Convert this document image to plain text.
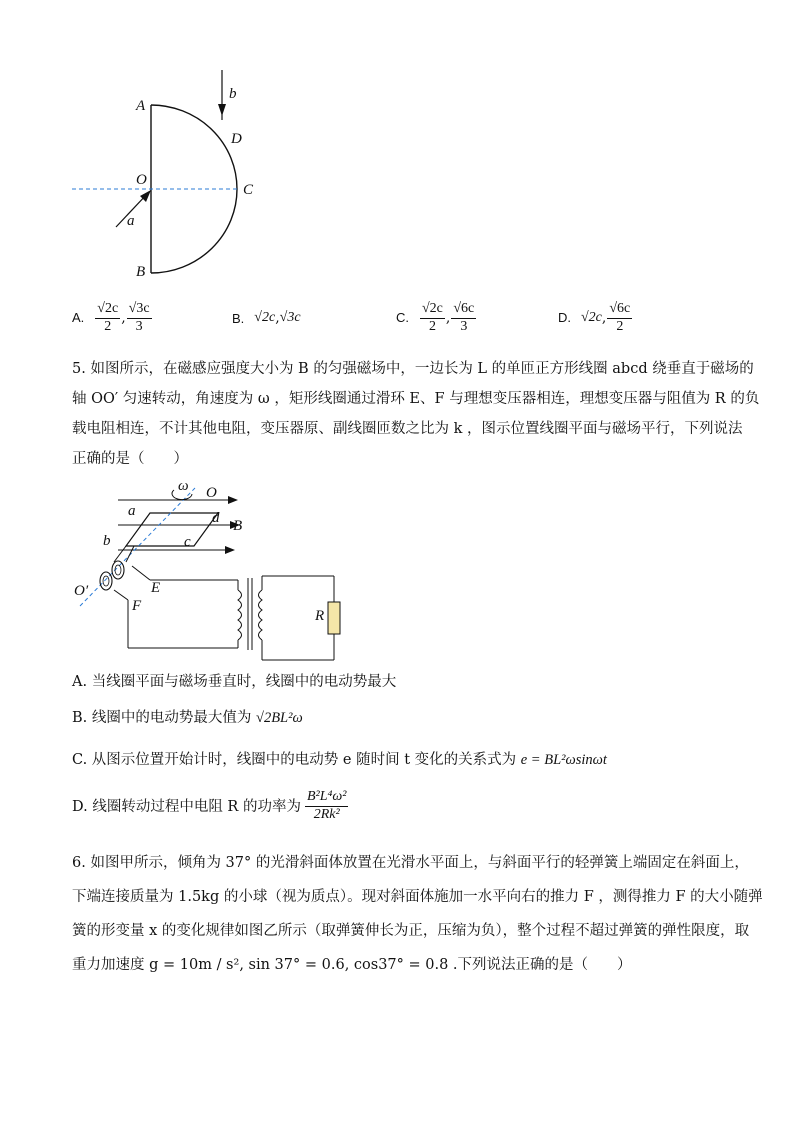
A
O
B
D
C
a
b
A. $\frac{√2c}{2}$ , $\frac{√3c}{3}$	B. √2c , √3c	C. $\frac{√2c}{2}$ , $\frac{√6c}{3}$	D. √2c , $\frac{√6c}{2}$
5. 如图所示，在磁感应强度大小为 B 的匀强磁场中，一边长为 L 的单匝正方形线圈 abcd 绕垂直于磁场的
轴 OO′ 匀速转动，角速度为 ω ，矩形线圈通过滑环 E、F 与理想变压器相连，理想变压器与阻值为 R 的负
载电阻相连，不计其他电阻，变压器原、副线圈匝数之比为 k ，图示位置线圈平面与磁场平行，下列说法
正确的是（　　）
ω O
a	d B
b	c
O′	E
F
R
A. 当线圈平面与磁场垂直时，线圈中的电动势最大
B. 线圈中的电动势最大值为 √2BL²ω
C. 从图示位置开始计时，线圈中的电动势 e 随时间 t 变化的关系式为 e = BL²ωsinωt
D. 线圈转动过程中电阻 R 的功率为 $\frac{\text{B²L⁴ω²}}{\text{2Rk²}}$
6. 如图甲所示，倾角为 37° 的光滑斜面体放置在光滑水平面上，与斜面平行的轻弹簧上端固定在斜面上，
下端连接质量为 1.5kg 的小球（视为质点）。现对斜面体施加一水平向右的推力 F ，测得推力 F 的大小随弹
簧的形变量 x 的变化规律如图乙所示（取弹簧伸长为正，压缩为负），整个过程不超过弹簧的弹性限度，取
重力加速度 g = 10m / s², sin 37° = 0.6, cos37° = 0.8 .下列说法正确的是（　　）
